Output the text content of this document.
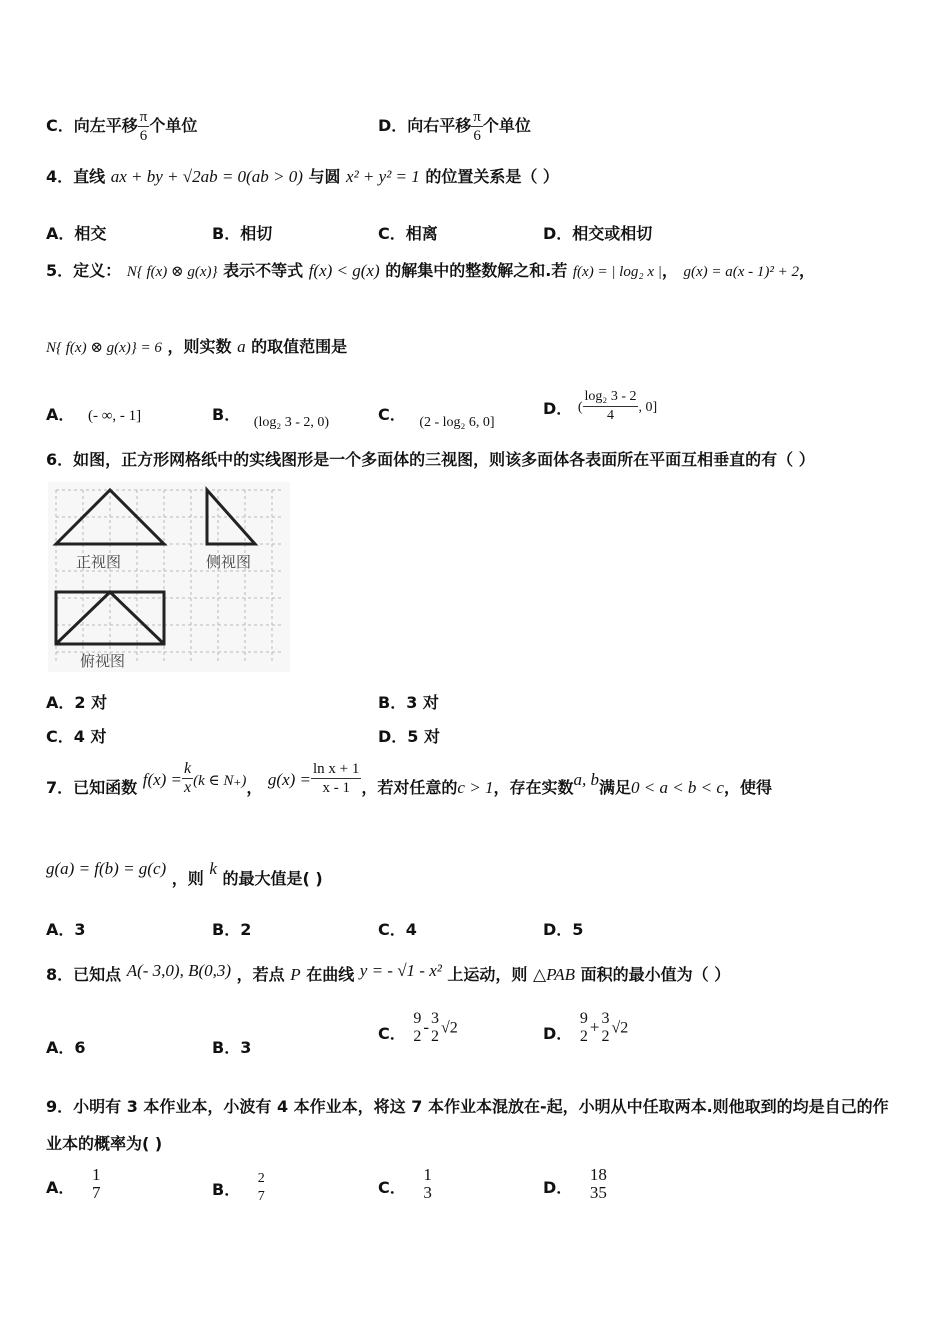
C．向左平移 $\frac{\pi}{6}$ 个单位	D．向右平移 $\frac{\pi}{6}$ 个单位
4．直线 ax + by + √2ab = 0(ab > 0) 与圆 x² + y² = 1 的位置关系是（ ）
A．相交	B．相切	C．相离	D．相交或相切
5．定义： N{ f(x) ⊗ g(x)} 表示不等式 f(x) < g(x) 的解集中的整数解之和.若 f(x) = | log₂ x |， g(x) = a(x - 1)² + 2，
N{ f(x) ⊗ g(x)} = 6 ，则实数 a 的取值范围是
A． (- ∞, - 1]	B． (log₂ 3 - 2, 0)	C． (2 - log₂ 6, 0]
D． ( $\frac{\text{log₂ 3 - 2}}{4}$ , 0]
6．如图，正方形网格纸中的实线图形是一个多面体的三视图，则该多面体各表面所在平面互相垂直的有（ ）
正视图	侧视图
俯视图
A．2 对	B．3 对
C．4 对	D．5 对
7．已知函数 $f(x) = \frac{k}{x} (k$ ∈ N₊)， $g(x) = \frac{\text{ln x + 1}}{x - 1}$ ，若对任意的c > 1，存在实数a, b满足0 < a < b < c，使得
g(a) = f(b) = g(c) ，则 k 的最大值是( )
A．3	B．2	C．4	D．5
8．已知点 A(- 3,0), B(0,3) ，若点 P 在曲线 y = - √1 - x² 上运动，则 △PAB 面积的最小值为（ ）
A．6	B．3
C．
9
2 - 3
2 √2	D．
9
2 + 3
2 √2
9．小明有 3 本作业本，小波有 4 本作业本，将这 7 本作业本混放在-起，小明从中任取两本.则他取到的均是自己的作
业本的概率为( )
A．
1
7	B．
2
7	C．
1
3	D．
18
35
